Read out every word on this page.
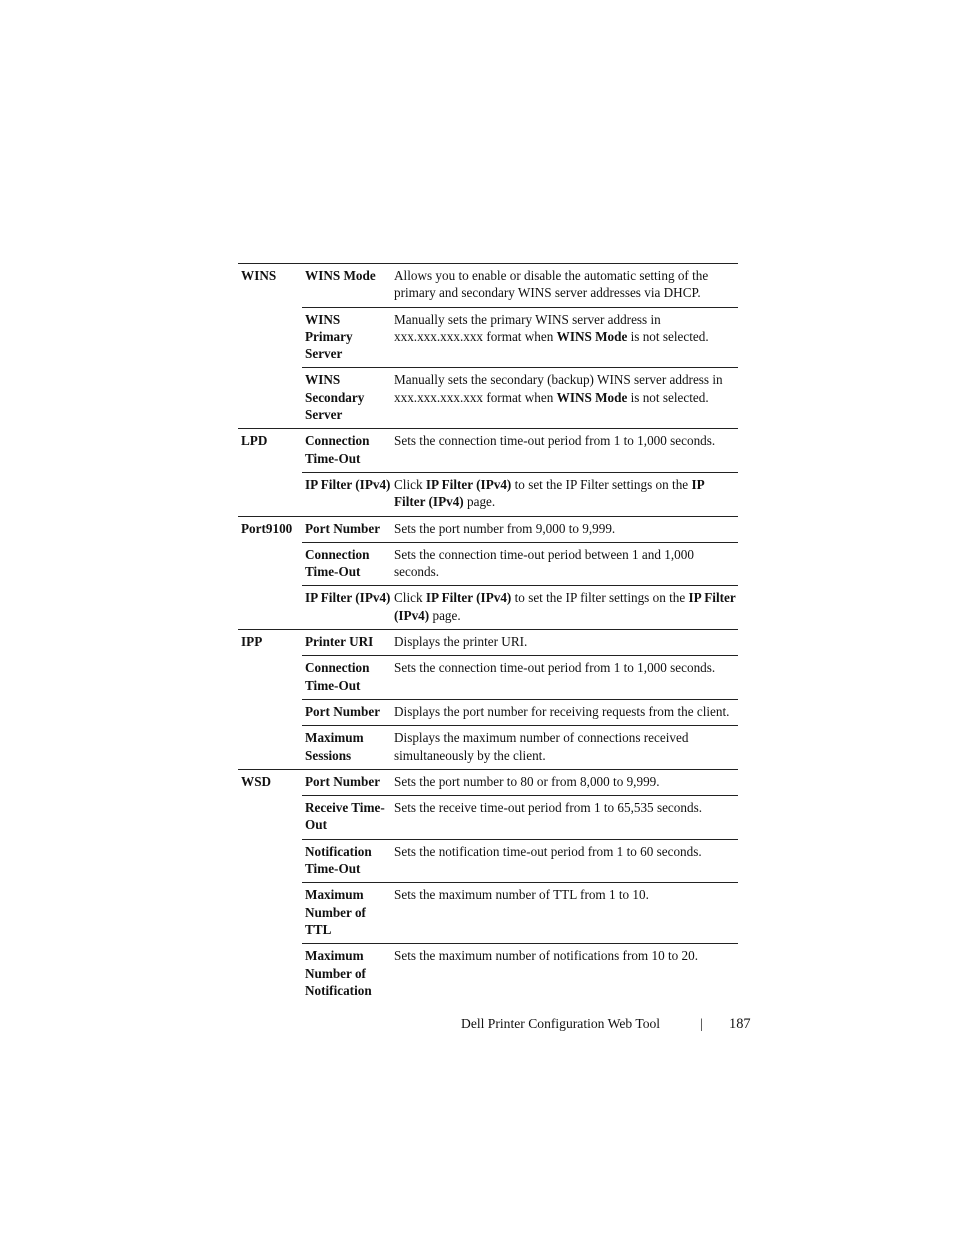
WINS	WINS Mode	Allows you to enable or disable the automatic setting of the primary and secondary WINS server addresses via DHCP.
	WINS Primary Server	Manually sets the primary WINS server address in xxx.xxx.xxx.xxx format when WINS Mode is not selected.
	WINS Secondary Server	Manually sets the secondary (backup) WINS server address in xxx.xxx.xxx.xxx format when WINS Mode is not selected.
LPD	Connection Time-Out	Sets the connection time-out period from 1 to 1,000 seconds.
	IP Filter (IPv4)	Click IP Filter (IPv4) to set the IP Filter settings on the IP Filter (IPv4) page.
Port9100	Port Number	Sets the port number from 9,000 to 9,999.
	Connection Time-Out	Sets the connection time-out period between 1 and 1,000 seconds.
	IP Filter (IPv4)	Click IP Filter (IPv4) to set the IP filter settings on the IP Filter (IPv4) page.
IPP	Printer URI	Displays the printer URI.
	Connection Time-Out	Sets the connection time-out period from 1 to 1,000 seconds.
	Port Number	Displays the port number for receiving requests from the client.
	Maximum Sessions	Displays the maximum number of connections received simultaneously by the client.
WSD	Port Number	Sets the port number to 80 or from 8,000 to 9,999.
	Receive Time-Out	Sets the receive time-out period from 1 to 65,535 seconds.
	Notification Time-Out	Sets the notification time-out period from 1 to 60 seconds.
	Maximum Number of TTL	Sets the maximum number of TTL from 1 to 10.
	Maximum Number of Notification	Sets the maximum number of notifications from 10 to 20.
Dell Printer Configuration Web Tool	| 187
